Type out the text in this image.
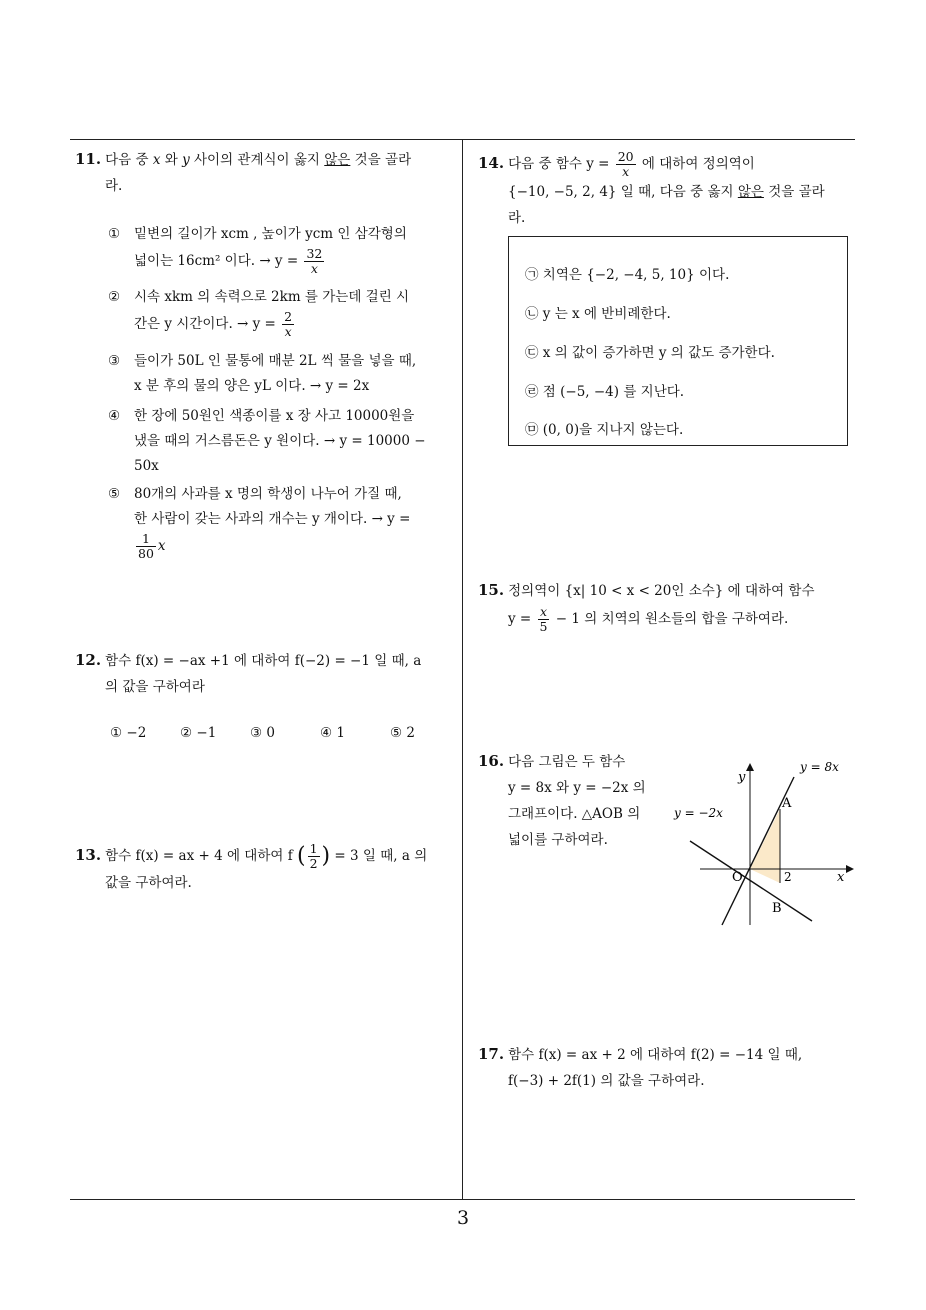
11. 다음 중 x 와 y 사이의 관계식이 옳지 않은 것을 골라
라.
①	밑변의 길이가 xcm , 높이가 ycm 인 삼각형의
넓이는 16cm² 이다. → $y = \frac{32}{x}$
②	시속 xkm 의 속력으로 2km 를 가는데 걸린 시
간은 y 시간이다. → $y = \frac{2}{x}$
③	들이가 50L 인 물통에 매분 2L 씩 물을 넣을 때,
x 분 후의 물의 양은 yL 이다. → y = 2x
④	한 장에 50원인 색종이를 x 장 사고 10000원을
냈을 때의 거스름돈은 y 원이다. → y = 10000 −
50x
⑤	80개의 사과를 x 명의 학생이 나누어 가질 때,
한 사람이 갖는 사과의 개수는 y 개이다. → y =
$\frac{1}{80}$ x
12. 함수 f(x) = −ax +1 에 대하여 f(−2) = −1 일 때, a
의 값을 구하여라
① −2 ② −1 ③ 0	④ 1	⑤ 2
13. 함수 f(x) = ax + 4 에 대하여 f ( $\frac{1}{2}$ ) = 3 일 때, a 의
값을 구하여라.
14. 다음 중 함수 $y = \frac{20}{x}$ 에 대하여 정의역이
{−10, −5, 2, 4} 일 때, 다음 중 옳지 않은 것을 골라
라.
㉠ 치역은 {−2, −4, 5, 10} 이다.
㉡ y 는 x 에 반비례한다.
㉢ x 의 값이 증가하면 y 의 값도 증가한다.
㉣ 점 (−5, −4) 를 지난다.
㉤ (0, 0)을 지나지 않는다.
15. 정의역이 {x| 10 < x < 20인 소수} 에 대하여 함수
$y = \frac{x}{5} - 1$ 의 치역의 원소들의 합을 구하여라.
16. 다음 그림은 두 함수
y = 8x 와 y = −2x 의
그래프이다. △AOB 의
넓이를 구하여라.
y
x
y = 8x
y = −2x
O
A
B
2
17. 함수 f(x) = ax + 2 에 대하여 f(2) = −14 일 때,
f(−3) + 2f(1) 의 값을 구하여라.
3
